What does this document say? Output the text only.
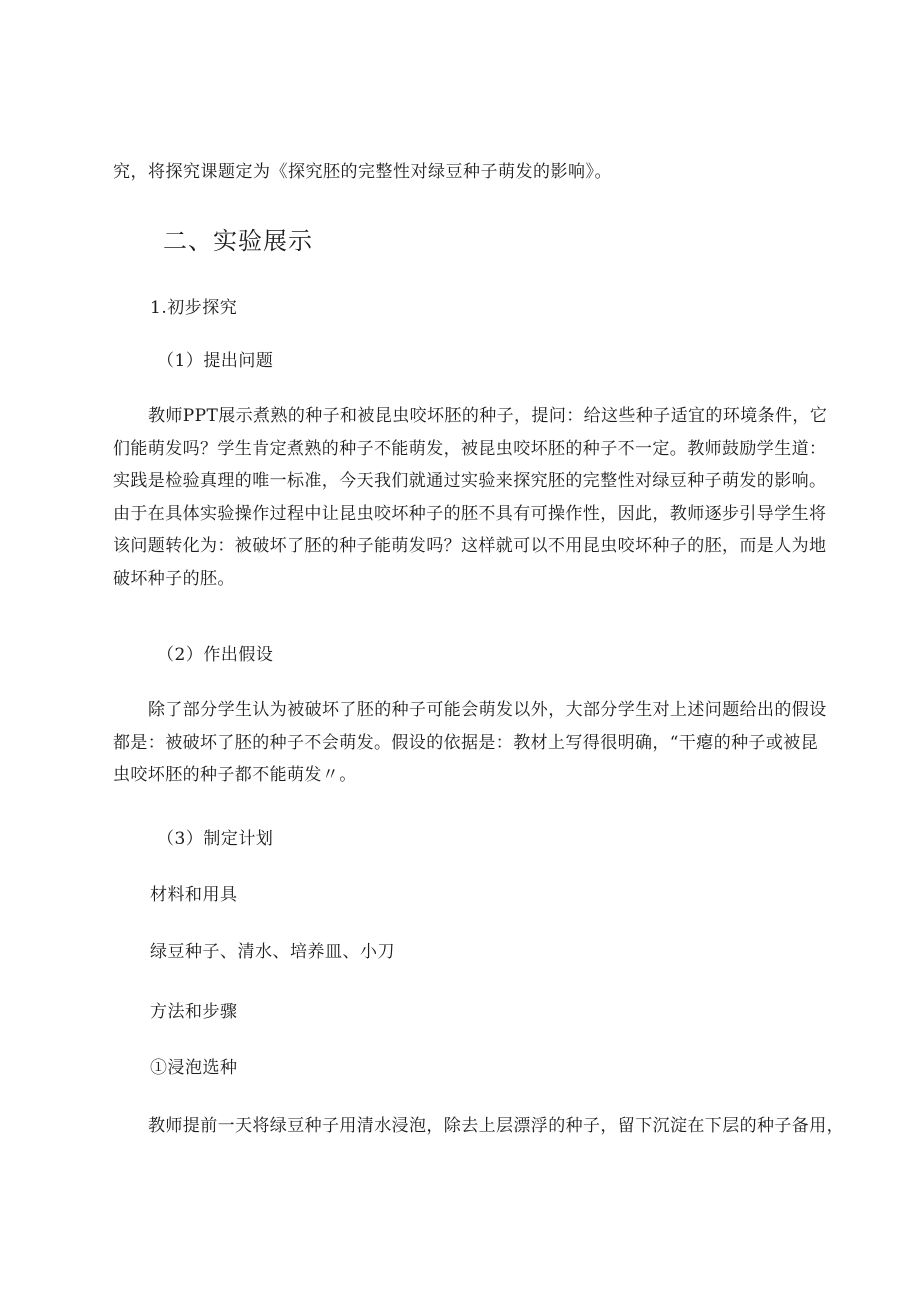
究，将探究课题定为《探究胚的完整性对绿豆种子萌发的影响》。
二、实验展示
1.初步探究
（1）提出问题
教师PPT展示煮熟的种子和被昆虫咬坏胚的种子，提问：给这些种子适宜的环境条件，它
们能萌发吗？学生肯定煮熟的种子不能萌发，被昆虫咬坏胚的种子不一定。教师鼓励学生道：
实践是检验真理的唯一标准，今天我们就通过实验来探究胚的完整性对绿豆种子萌发的影响。
由于在具体实验操作过程中让昆虫咬坏种子的胚不具有可操作性，因此，教师逐步引导学生将
该问题转化为：被破坏了胚的种子能萌发吗？这样就可以不用昆虫咬坏种子的胚，而是人为地
破坏种子的胚。
（2）作出假设
除了部分学生认为被破坏了胚的种子可能会萌发以外，大部分学生对上述问题给出的假设
都是：被破坏了胚的种子不会萌发。假设的依据是：教材上写得很明确，“干瘪的种子或被昆
虫咬坏胚的种子都不能萌发〃。
（3）制定计划
材料和用具
绿豆种子、清水、培养皿、小刀
方法和步骤
①浸泡选种
教师提前一天将绿豆种子用清水浸泡，除去上层漂浮的种子，留下沉淀在下层的种子备用，
